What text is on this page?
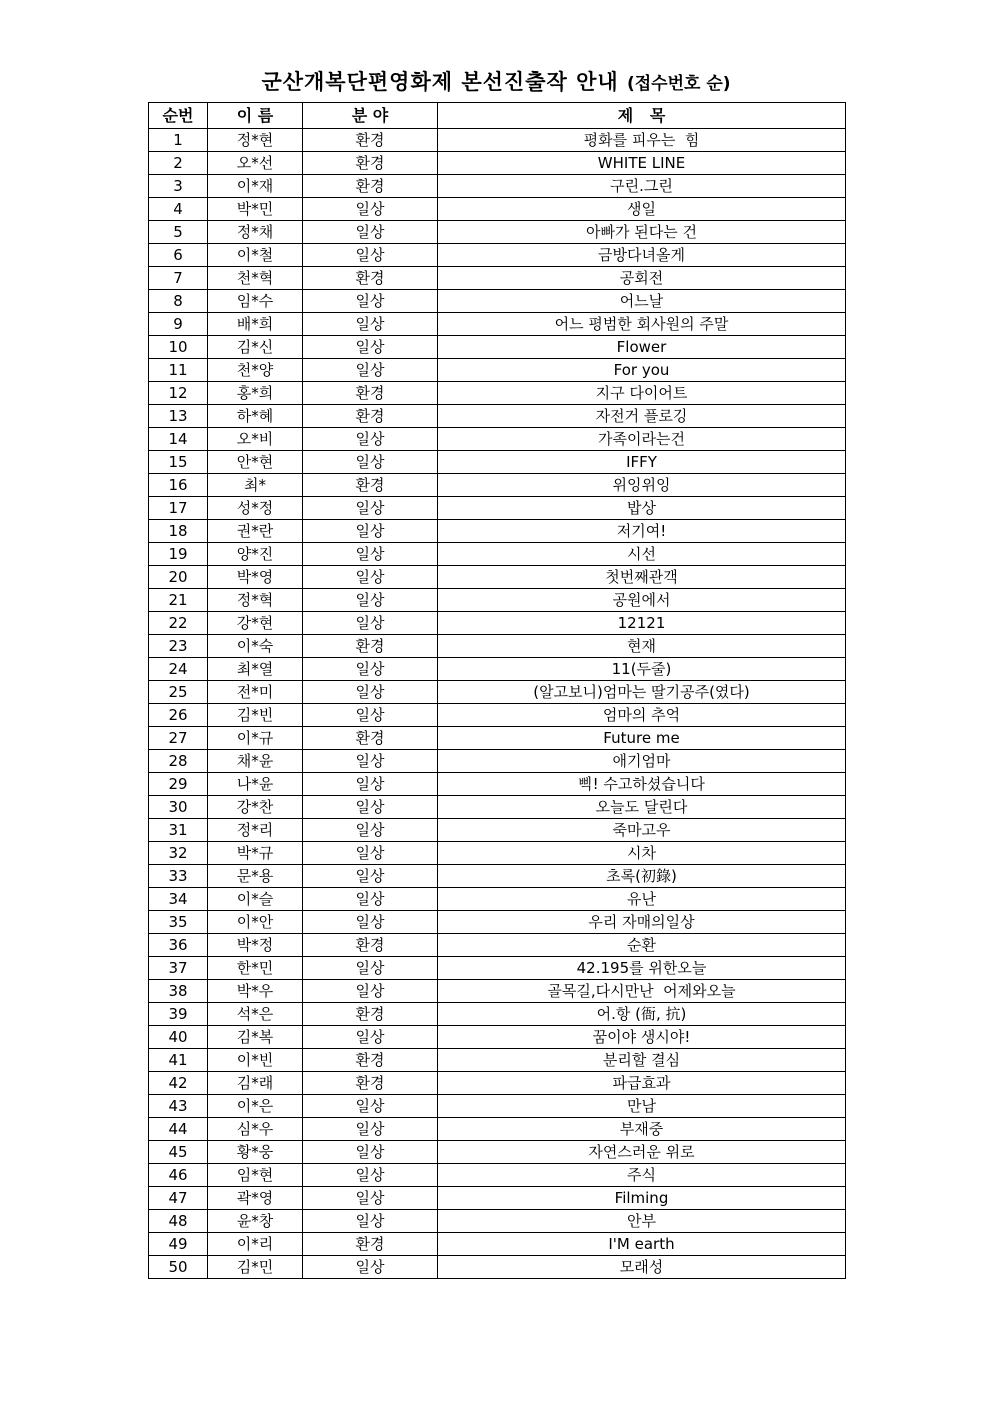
군산개복단편영화제 본선진출작 안내 (접수번호 순)
순번	이 름	분 야	제   목
1	정*현	환경	평화를 피우는  힘
2	오*선	환경	WHITE LINE
3	이*재	환경	구린.그린
4	박*민	일상	생일
5	정*채	일상	아빠가 된다는 건
6	이*철	일상	금방다녀올게
7	천*혁	환경	공회전
8	임*수	일상	어느날
9	배*희	일상	어느 평범한 회사원의 주말
10	김*신	일상	Flower
11	천*양	일상	For you
12	홍*희	환경	지구 다이어트
13	하*혜	환경	자전거 플로깅
14	오*비	일상	가족이라는건
15	안*현	일상	IFFY
16	최*	환경	위잉위잉
17	성*정	일상	밥상
18	권*란	일상	저기여!
19	양*진	일상	시선
20	박*영	일상	첫번째관객
21	정*혁	일상	공원에서
22	강*현	일상	12121
23	이*숙	환경	현재
24	최*열	일상	11(두줄)
25	전*미	일상	(알고보니)엄마는 딸기공주(였다)
26	김*빈	일상	엄마의 추억
27	이*규	환경	Future me
28	채*윤	일상	애기엄마
29	나*윤	일상	삑! 수고하셨습니다
30	강*찬	일상	오늘도 달린다
31	정*리	일상	죽마고우
32	박*규	일상	시차
33	문*용	일상	초록(初錄)
34	이*슬	일상	유난
35	이*안	일상	우리 자매의일상
36	박*정	환경	순환
37	한*민	일상	42.195를 위한오늘
38	박*우	일상	골목길,다시만난  어제와오늘
39	석*은	환경	어.항 (衙, 抗)
40	김*복	일상	꿈이야 생시야!
41	이*빈	환경	분리할 결심
42	김*래	환경	파급효과
43	이*은	일상	만남
44	심*우	일상	부재중
45	황*웅	일상	자연스러운 위로
46	임*현	일상	주식
47	곽*영	일상	Filming
48	윤*창	일상	안부
49	이*리	환경	I'M earth
50	김*민	일상	모래성
